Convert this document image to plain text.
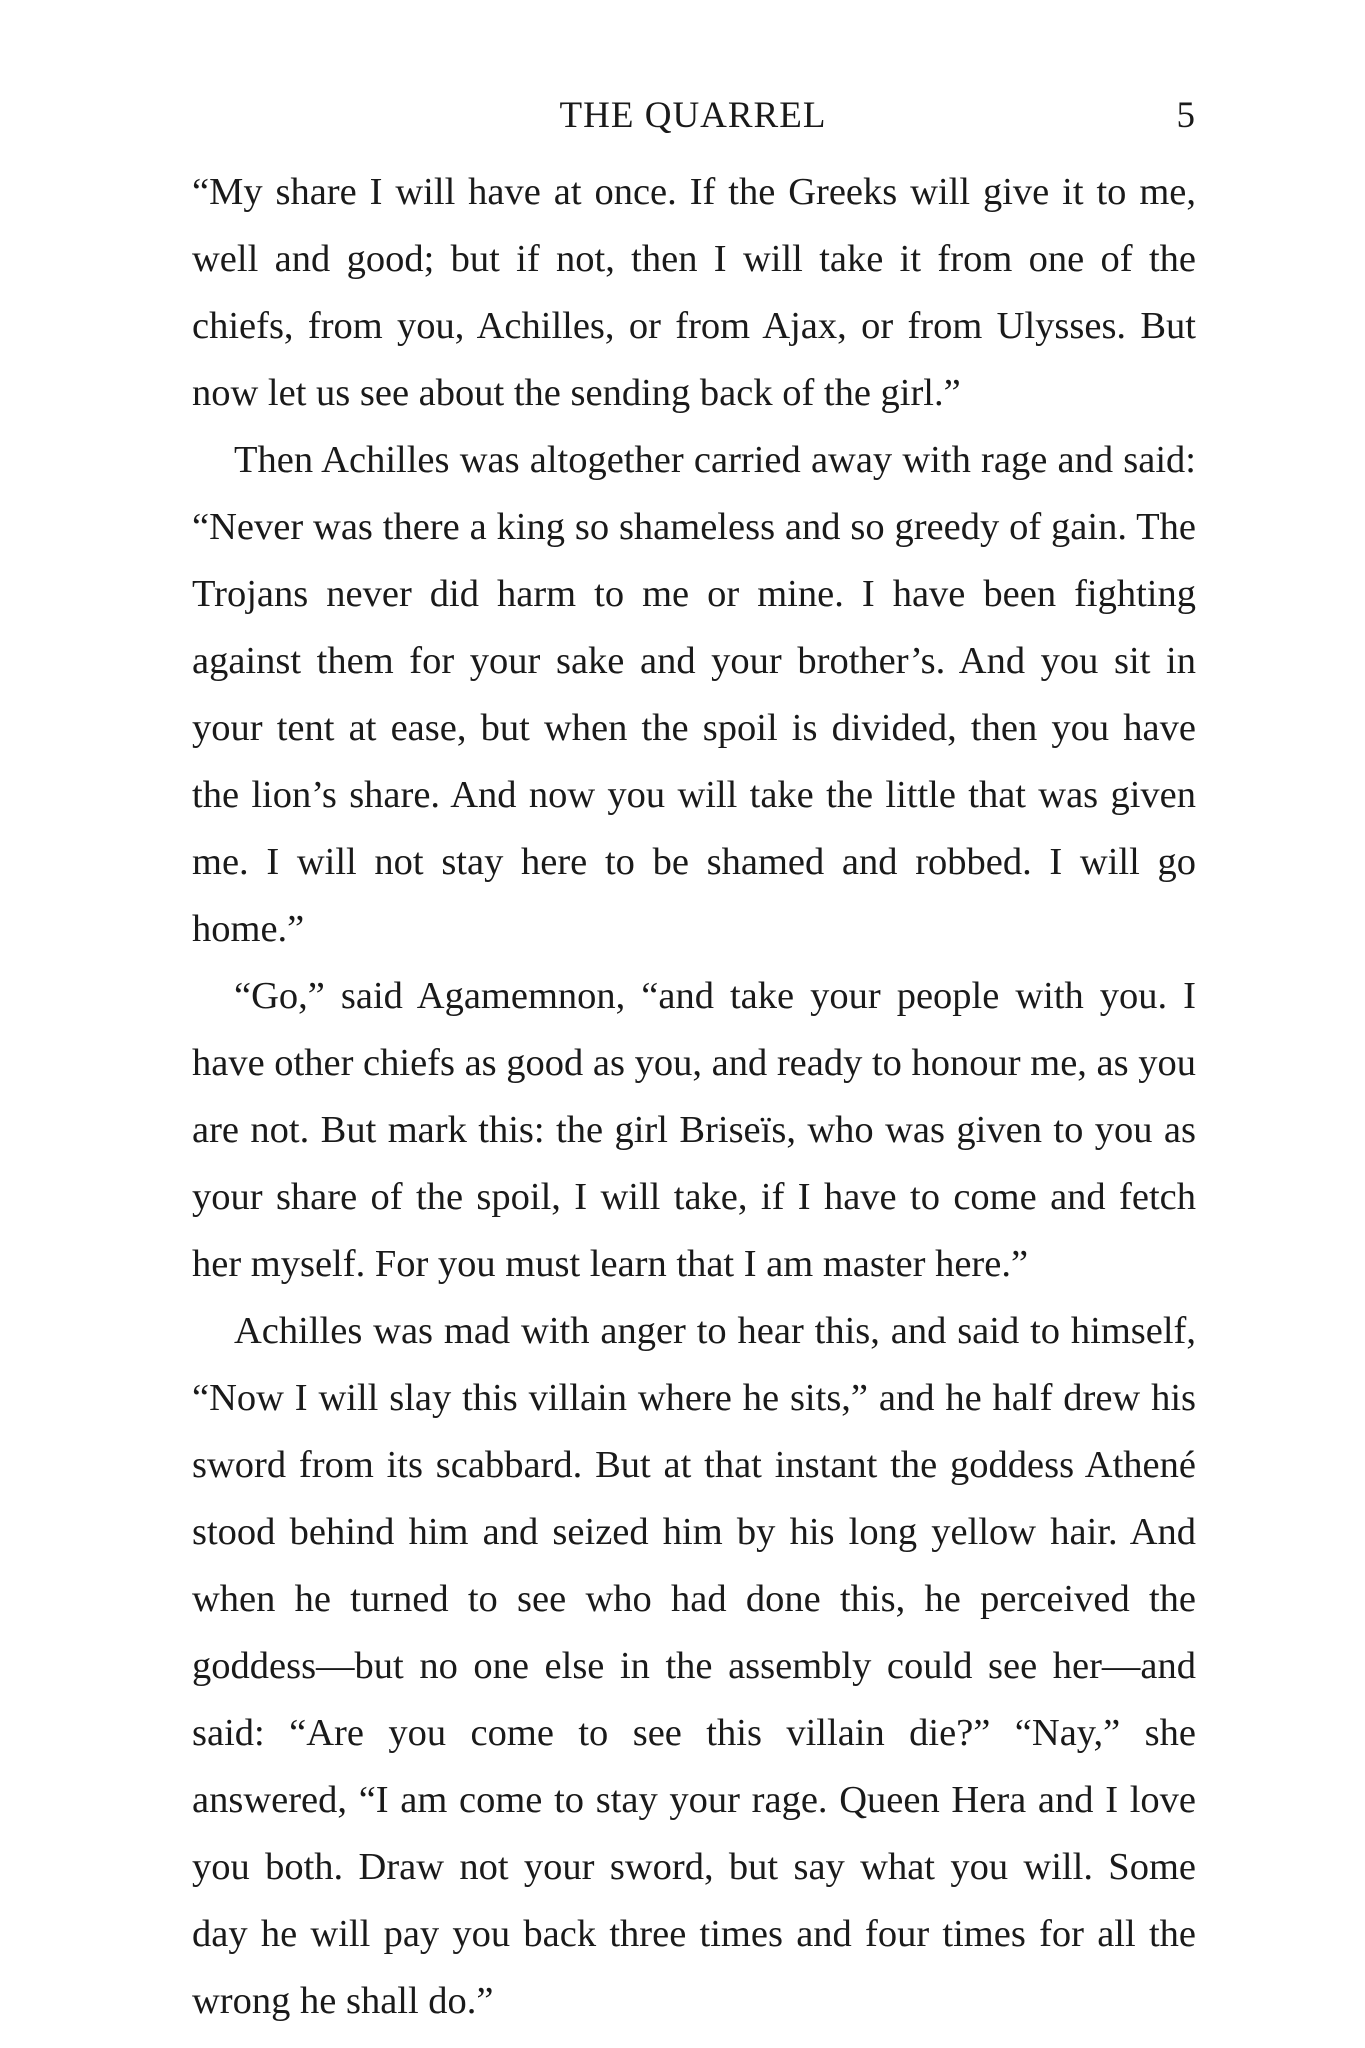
THE QUARREL	5

“My share I will have at once. If the Greeks will give it to me, well and good; but if not, then I will take it from one of the chiefs, from you, Achilles, or from Ajax, or from Ulysses. But now let us see about the sending back of the girl.”

Then Achilles was altogether carried away with rage and said: “Never was there a king so shameless and so greedy of gain. The Trojans never did harm to me or mine. I have been fighting against them for your sake and your brother’s. And you sit in your tent at ease, but when the spoil is divided, then you have the lion’s share. And now you will take the little that was given me. I will not stay here to be shamed and robbed. I will go home.”

“Go,” said Agamemnon, “and take your people with you. I have other chiefs as good as you, and ready to honour me, as you are not. But mark this: the girl Briseïs, who was given to you as your share of the spoil, I will take, if I have to come and fetch her myself. For you must learn that I am master here.”

Achilles was mad with anger to hear this, and said to himself, “Now I will slay this villain where he sits,” and he half drew his sword from its scabbard. But at that instant the goddess Athené stood behind him and seized him by his long yellow hair. And when he turned to see who had done this, he perceived the goddess—but no one else in the assembly could see her—and said: “Are you come to see this villain die?” “Nay,” she answered, “I am come to stay your rage. Queen Hera and I love you both. Draw not your sword, but say what you will. Some day he will pay you back three times and four times for all the wrong he shall do.”
